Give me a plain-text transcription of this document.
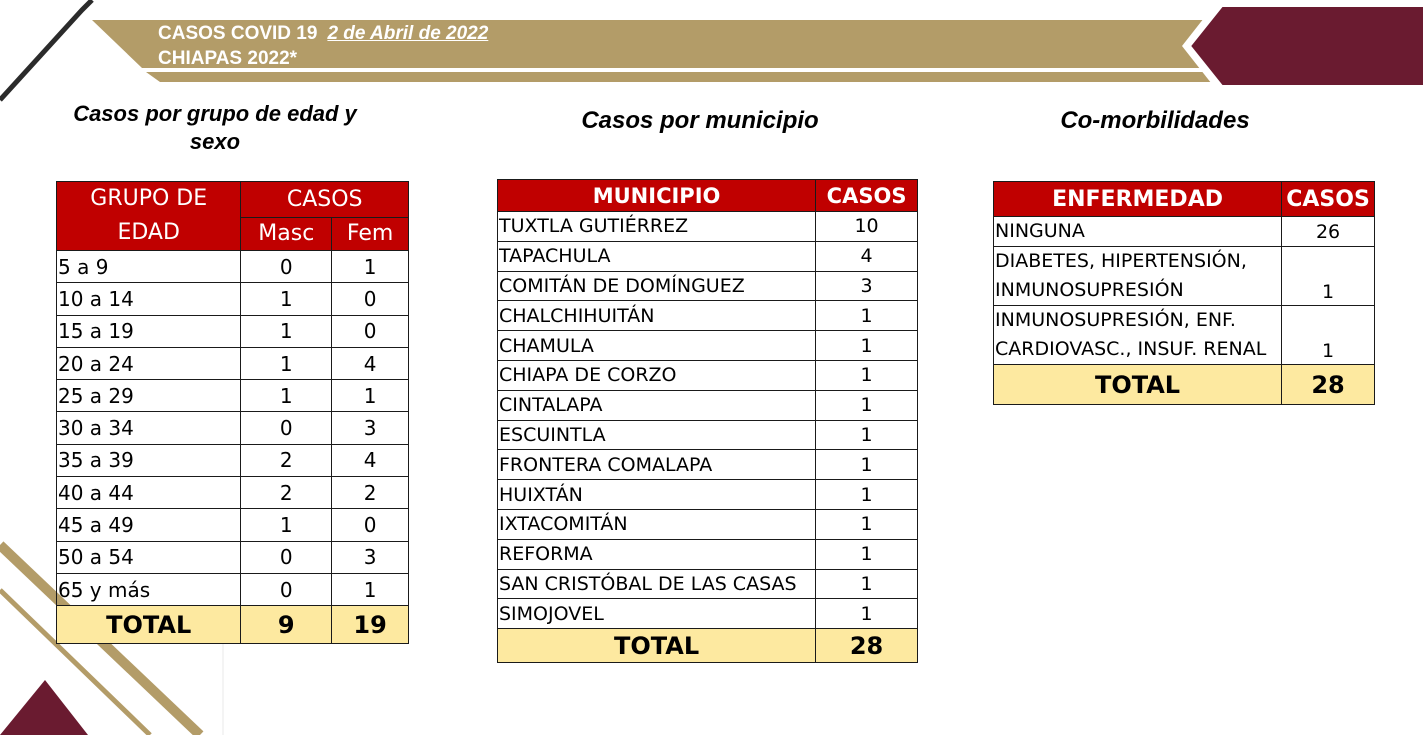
CASOS COVID 19 2 de Abril de 2022
CHIAPAS 2022*
Casos por grupo de edad y sexo
Casos por municipio	Co-morbilidades
GRUPO DE EDAD	CASOS	
	Masc	Fem
5 a 9	0	1
10 a 14	1	0
15 a 19	1	0
20 a 24	1	4
25 a 29	1	1
30 a 34	0	3
35 a 39	2	4
40 a 44	2	2
45 a 49	1	0
50 a 54	0	3
65 y más	0	1
TOTAL	9	19
MUNICIPIO	CASOS
TUXTLA GUTIÉRREZ	10
TAPACHULA	4
COMITÁN DE DOMÍNGUEZ	3
CHALCHIHUITÁN	1
CHAMULA	1
CHIAPA DE CORZO	1
CINTALAPA	1
ESCUINTLA	1
FRONTERA COMALAPA	1
HUIXTÁN	1
IXTACOMITÁN	1
REFORMA	1
SAN CRISTÓBAL DE LAS CASAS	1
SIMOJOVEL	1
TOTAL	28
ENFERMEDAD	CASOS

NINGUNA	26

DIABETES, HIPERTENSIÓN,
INMUNOSUPRESIÓN	1

INMUNOSUPRESIÓN, ENF.
CARDIOVASC., INSUF. RENAL	1
TOTAL	28
